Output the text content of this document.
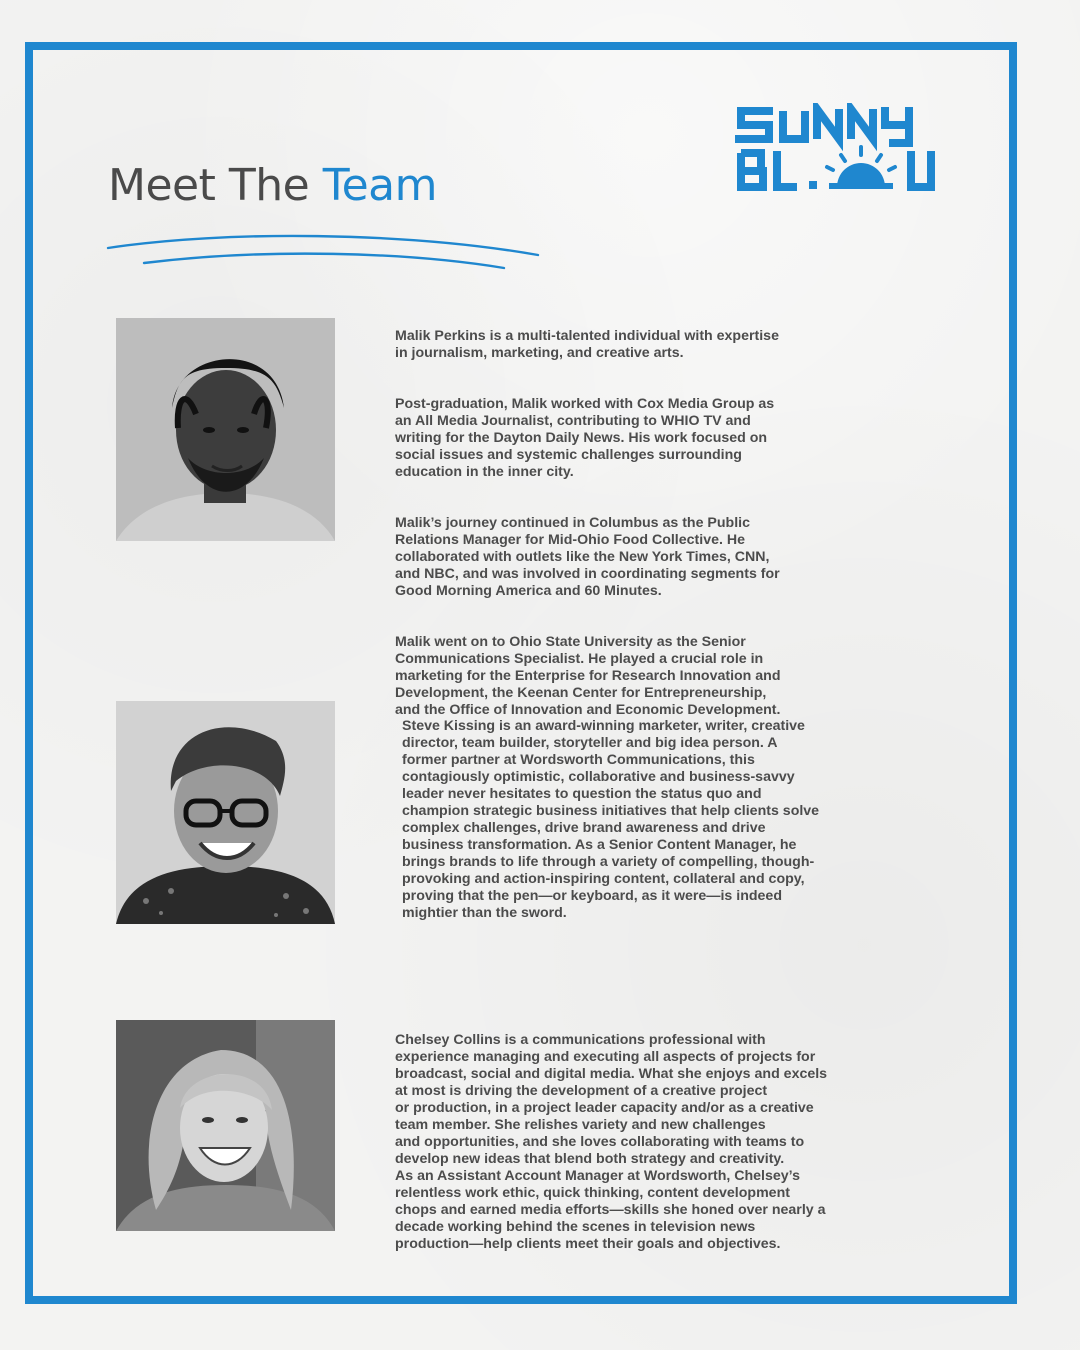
Meet The Team

Malik Perkins is a multi-talented individual with expertise
in journalism, marketing, and creative arts.

Post-graduation, Malik worked with Cox Media Group as
an All Media Journalist, contributing to WHIO TV and
writing for the Dayton Daily News. His work focused on
social issues and systemic challenges surrounding
education in the inner city.

Malik’s journey continued in Columbus as the Public
Relations Manager for Mid-Ohio Food Collective. He
collaborated with outlets like the New York Times, CNN,
and NBC, and was involved in coordinating segments for
Good Morning America and 60 Minutes.

Malik went on to Ohio State University as the Senior
Communications Specialist. He played a crucial role in
marketing for the Enterprise for Research Innovation and
Development, the Keenan Center for Entrepreneurship,
and the Office of Innovation and Economic Development.

Steve Kissing is an award-winning marketer, writer, creative
director, team builder, storyteller and big idea person. A
former partner at Wordsworth Communications, this
contagiously optimistic, collaborative and business-savvy
leader never hesitates to question the status quo and
champion strategic business initiatives that help clients solve
complex challenges, drive brand awareness and drive
business transformation. As a Senior Content Manager, he
brings brands to life through a variety of compelling, though-
provoking and action-inspiring content, collateral and copy,
proving that the pen—or keyboard, as it were—is indeed
mightier than the sword.

Chelsey Collins is a communications professional with
experience managing and executing all aspects of projects for
broadcast, social and digital media. What she enjoys and excels
at most is driving the development of a creative project
or production, in a project leader capacity and/or as a creative
team member. She relishes variety and new challenges
and opportunities, and she loves collaborating with teams to
develop new ideas that blend both strategy and creativity.
As an Assistant Account Manager at Wordsworth, Chelsey’s
relentless work ethic, quick thinking, content development
chops and earned media efforts—skills she honed over nearly a
decade working behind the scenes in television news
production—help clients meet their goals and objectives.
